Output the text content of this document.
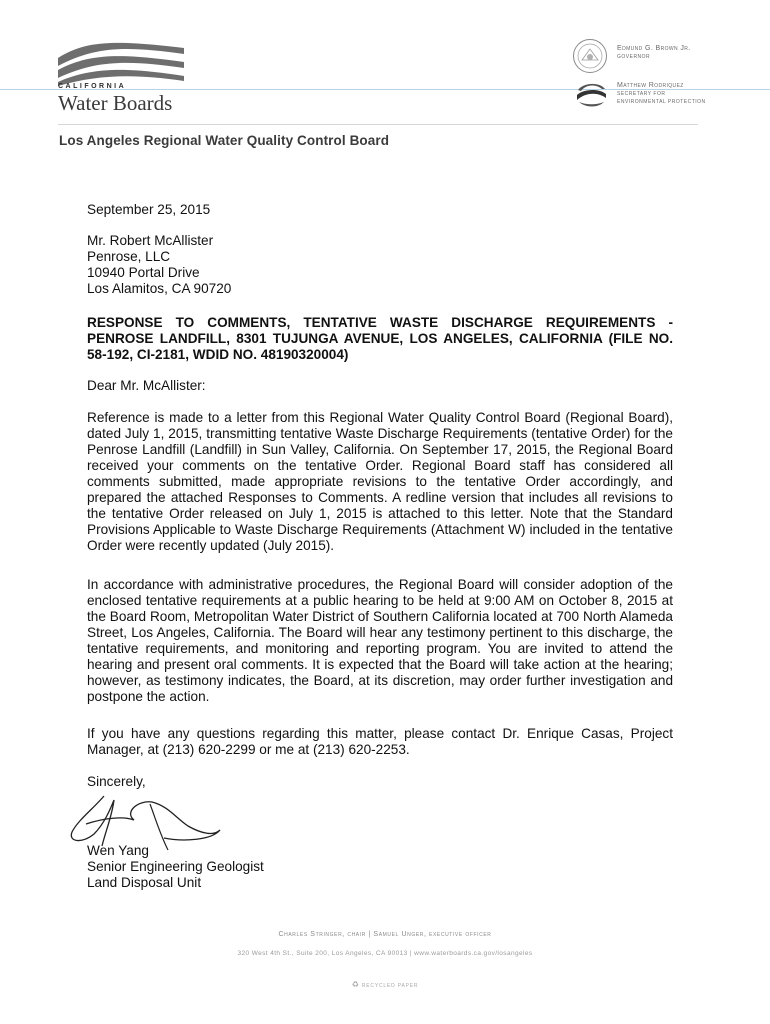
CALIFORNIA
Water Boards
Edmund G. Brown Jr.
GOVERNOR
Matthew Rodriquez
SECRETARY FOR
ENVIRONMENTAL PROTECTION
Los Angeles Regional Water Quality Control Board
September 25, 2015
Mr. Robert McAllister
Penrose, LLC
10940 Portal Drive
Los Alamitos, CA 90720
RESPONSE TO COMMENTS, TENTATIVE WASTE DISCHARGE REQUIREMENTS - PENROSE LANDFILL, 8301 TUJUNGA AVENUE, LOS ANGELES, CALIFORNIA (FILE NO. 58-192, CI-2181, WDID NO. 48190320004)
Dear Mr. McAllister:
Reference is made to a letter from this Regional Water Quality Control Board (Regional Board), dated July 1, 2015, transmitting tentative Waste Discharge Requirements (tentative Order) for the Penrose Landfill (Landfill) in Sun Valley, California. On September 17, 2015, the Regional Board received your comments on the tentative Order. Regional Board staff has considered all comments submitted, made appropriate revisions to the tentative Order accordingly, and prepared the attached Responses to Comments. A redline version that includes all revisions to the tentative Order released on July 1, 2015 is attached to this letter. Note that the Standard Provisions Applicable to Waste Discharge Requirements (Attachment W) included in the tentative Order were recently updated (July 2015).
In accordance with administrative procedures, the Regional Board will consider adoption of the enclosed tentative requirements at a public hearing to be held at 9:00 AM on October 8, 2015 at the Board Room, Metropolitan Water District of Southern California located at 700 North Alameda Street, Los Angeles, California. The Board will hear any testimony pertinent to this discharge, the tentative requirements, and monitoring and reporting program. You are invited to attend the hearing and present oral comments. It is expected that the Board will take action at the hearing; however, as testimony indicates, the Board, at its discretion, may order further investigation and postpone the action.
If you have any questions regarding this matter, please contact Dr. Enrique Casas, Project Manager, at (213) 620-2299 or me at (213) 620-2253.
Sincerely,
Wen Yang
Senior Engineering Geologist
Land Disposal Unit
Charles Stringer, chair | Samuel Unger, executive officer
320 West 4th St., Suite 200, Los Angeles, CA 90013 | www.waterboards.ca.gov/losangeles
♻ RECYCLED PAPER
